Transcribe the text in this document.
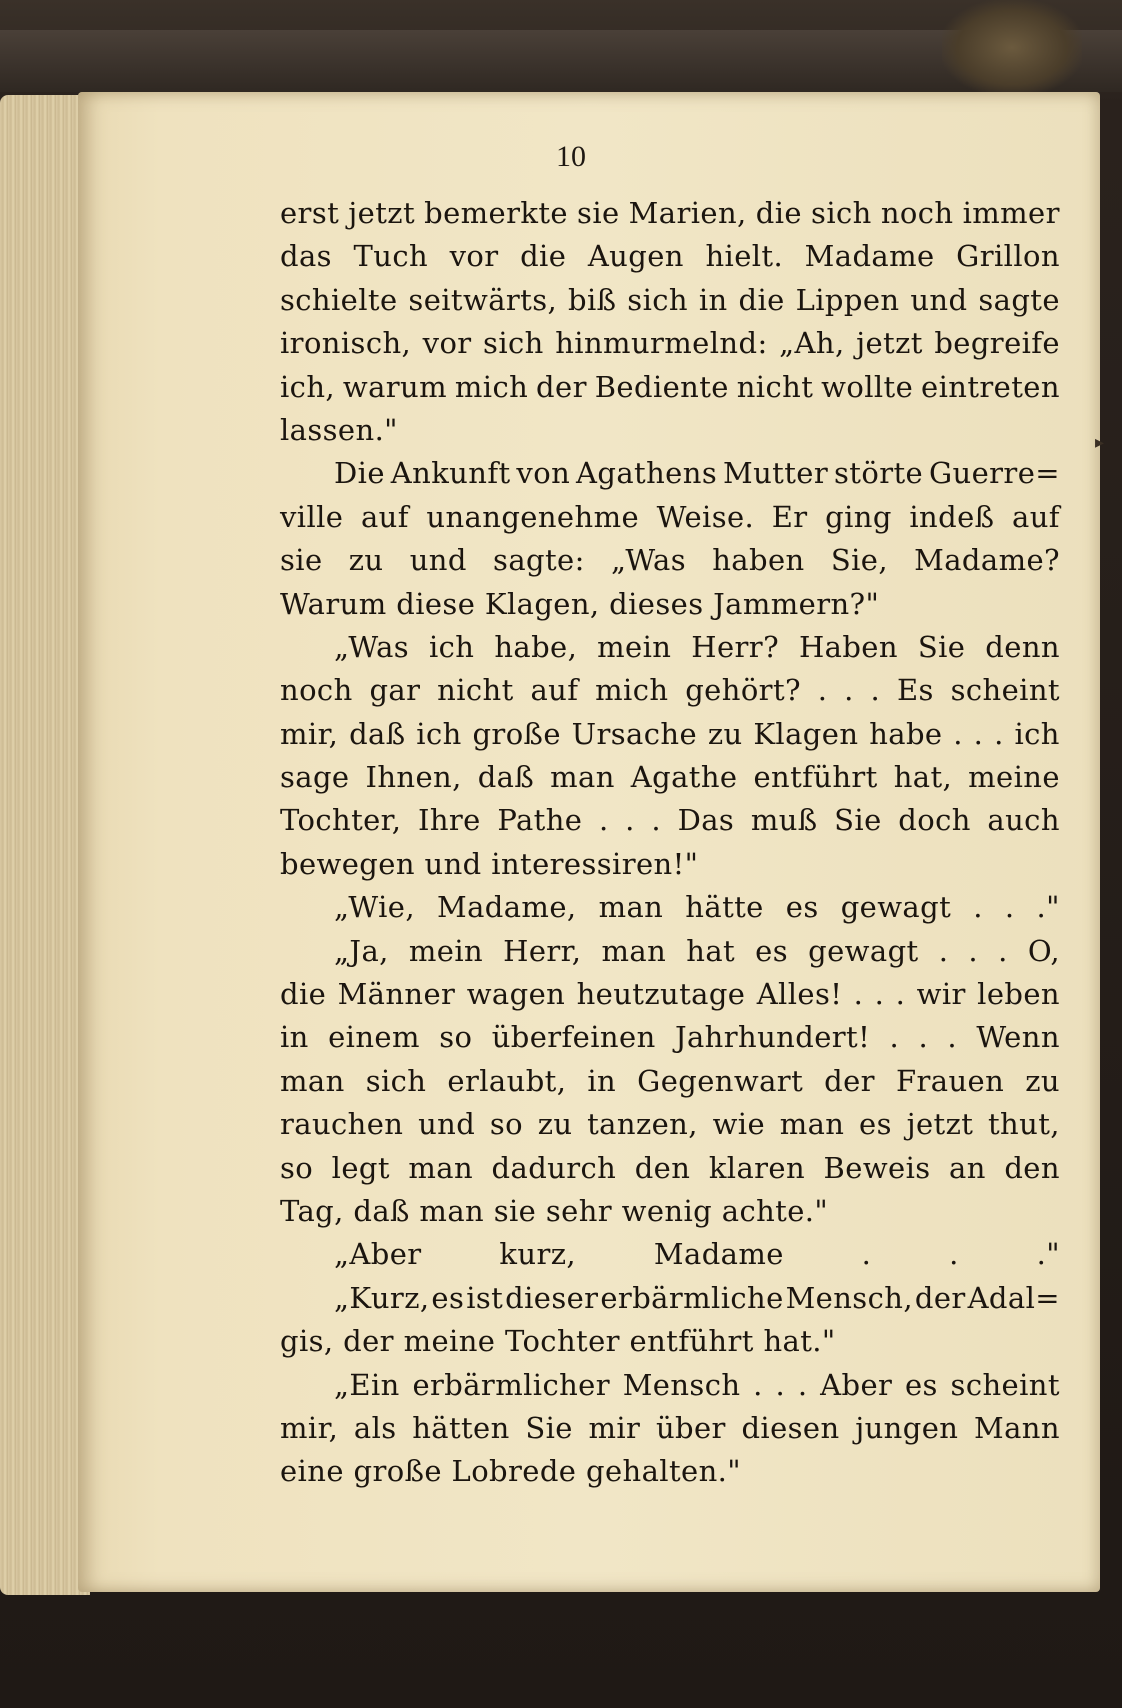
10
erst jetzt bemerkte sie Marien, die sich noch immer
das Tuch vor die Augen hielt. Madame Grillon
schielte seitwärts, biß sich in die Lippen und sagte
ironisch, vor sich hinmurmelnd: „Ah, jetzt begreife
ich, warum mich der Bediente nicht wollte eintreten
lassen."
Die Ankunft von Agathens Mutter störte Guerre=
ville auf unangenehme Weise. Er ging indeß auf
sie zu und sagte: „Was haben Sie, Madame?
Warum diese Klagen, dieses Jammern?"
„Was ich habe, mein Herr? Haben Sie denn
noch gar nicht auf mich gehört? . . . Es scheint
mir, daß ich große Ursache zu Klagen habe . . . ich
sage Ihnen, daß man Agathe entführt hat, meine
Tochter, Ihre Pathe . . . Das muß Sie doch auch
bewegen und interessiren!"
„Wie, Madame, man hätte es gewagt . . ."
„Ja, mein Herr, man hat es gewagt . . . O,
die Männer wagen heutzutage Alles! . . . wir leben
in einem so überfeinen Jahrhundert! . . . Wenn
man sich erlaubt, in Gegenwart der Frauen zu
rauchen und so zu tanzen, wie man es jetzt thut,
so legt man dadurch den klaren Beweis an den
Tag, daß man sie sehr wenig achte."
„Aber	kurz,	Madame	.	.	."
„Kurz, es ist dieser erbärmliche Mensch, der Adal=
gis, der meine Tochter entführt hat."
„Ein erbärmlicher Mensch . . . Aber es scheint
mir, als hätten Sie mir über diesen jungen Mann
eine große Lobrede gehalten."
▸
